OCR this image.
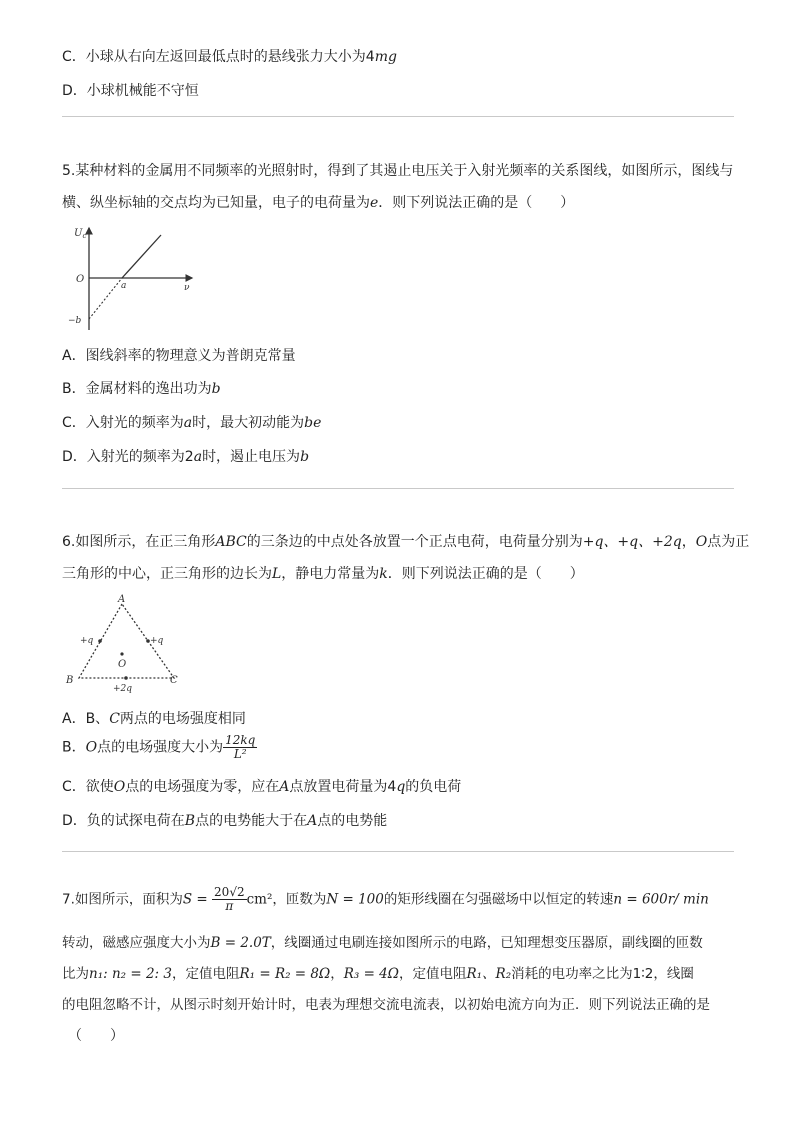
C．小球从右向左返回最低点时的悬线张力大小为4mg
D．小球机械能不守恒
5.某种材料的金属用不同频率的光照射时，得到了其遏止电压关于入射光频率的关系图线，如图所示，图线与
横、纵坐标轴的交点均为已知量，电子的电荷量为e．则下列说法正确的是（　　）
$U_c$
O
ν
a
−b
A．图线斜率的物理意义为普朗克常量
B．金属材料的逸出功为b
C．入射光的频率为a时，最大初动能为be
D．入射光的频率为2a时，遏止电压为b
6.如图所示，在正三角形ABC的三条边的中点处各放置一个正点电荷，电荷量分别为+q、+q、+2q，O点为正
三角形的中心，正三角形的边长为L，静电力常量为k．则下列说法正确的是（　　）
A
B	C
O
+q	+q
+2q
A．B、C两点的电场强度相同
B．O点的电场强度大小为 $\frac{12kq}{\text{L²}}$
C．欲使O点的电场强度为零，应在A点放置电荷量为4q的负电荷
D．负的试探电荷在B点的电势能大于在A点的电势能
7.如图所示，面积为$S = \frac{20√2}{\pi} cm^2$，匝数为N = 100的矩形线圈在匀强磁场中以恒定的转速n = 600r/ min
转动，磁感应强度大小为B = 2.0T，线圈通过电刷连接如图所示的电路，已知理想变压器原，副线圈的匝数
比为n₁: n₂ = 2: 3，定值电阻R₁ = R₂ = 8Ω，R₃ = 4Ω，定值电阻R₁、R₂消耗的电功率之比为1∶2，线圈
的电阻忽略不计，从图示时刻开始计时，电表为理想交流电流表，以初始电流方向为正．则下列说法正确的是
（　　）
